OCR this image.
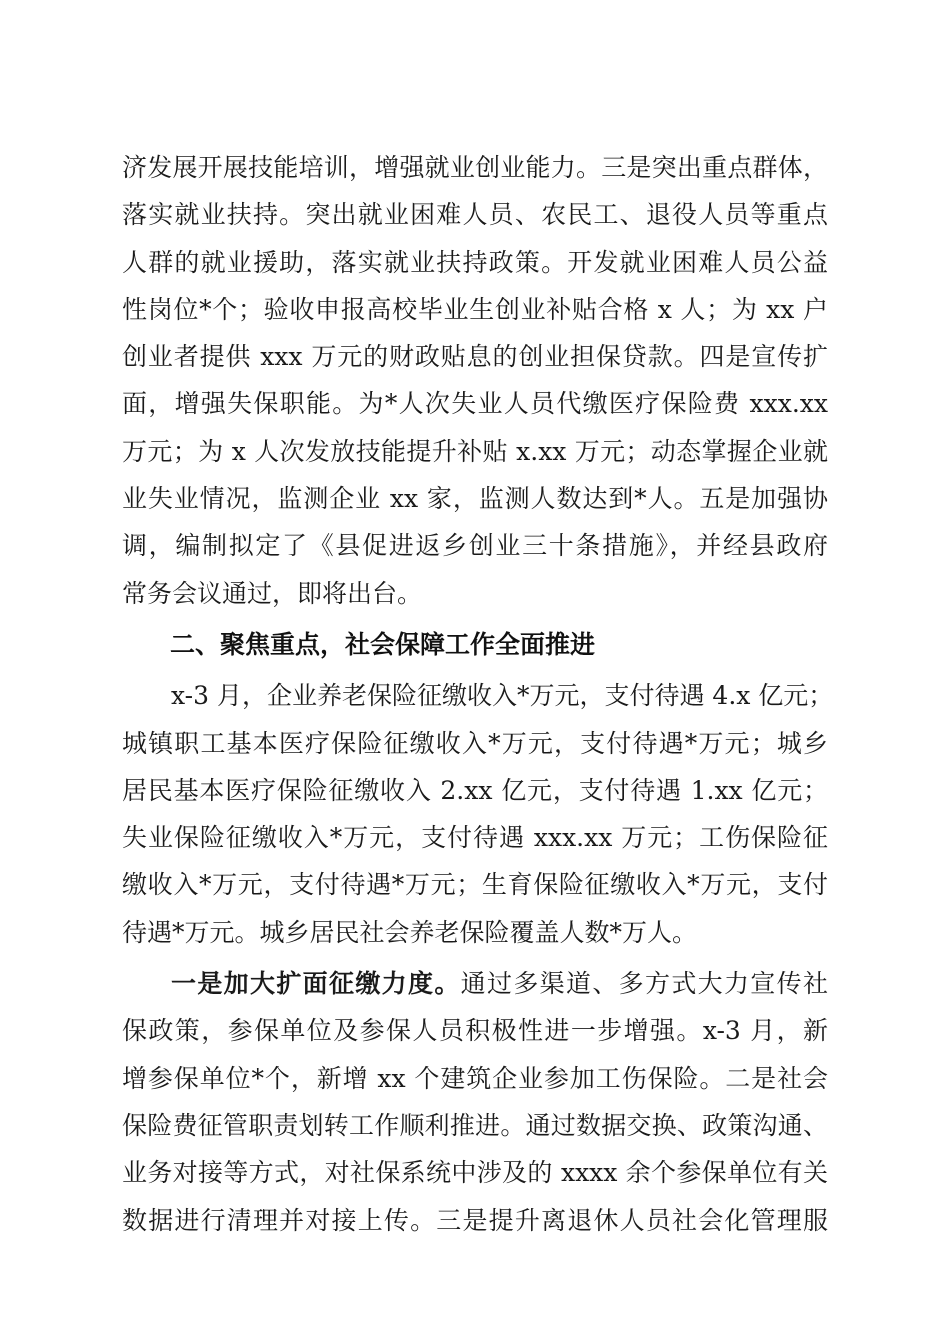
济发展开展技能培训，增强就业创业能力。三是突出重点群体，
落实就业扶持。突出就业困难人员、农民工、退役人员等重点
人群的就业援助，落实就业扶持政策。开发就业困难人员公益
性岗位*个；验收申报高校毕业生创业补贴合格 x 人；为 xx 户
创业者提供 xxx 万元的财政贴息的创业担保贷款。四是宣传扩
面，增强失保职能。为*人次失业人员代缴医疗保险费 xxx.xx
万元；为 x 人次发放技能提升补贴 x.xx 万元；动态掌握企业就
业失业情况，监测企业 xx 家，监测人数达到*人。五是加强协
调，编制拟定了《县促进返乡创业三十条措施》，并经县政府
常务会议通过，即将出台。
二、聚焦重点，社会保障工作全面推进
x-3 月，企业养老保险征缴收入*万元，支付待遇 4.x 亿元；
城镇职工基本医疗保险征缴收入*万元，支付待遇*万元；城乡
居民基本医疗保险征缴收入 2.xx 亿元，支付待遇 1.xx 亿元；
失业保险征缴收入*万元，支付待遇 xxx.xx 万元；工伤保险征
缴收入*万元，支付待遇*万元；生育保险征缴收入*万元，支付
待遇*万元。城乡居民社会养老保险覆盖人数*万人。
一是加大扩面征缴力度。通过多渠道、多方式大力宣传社
保政策，参保单位及参保人员积极性进一步增强。x-3 月，新
增参保单位*个，新增 xx 个建筑企业参加工伤保险。二是社会
保险费征管职责划转工作顺利推进。通过数据交换、政策沟通、
业务对接等方式，对社保系统中涉及的 xxxx 余个参保单位有关
数据进行清理并对接上传。三是提升离退休人员社会化管理服
